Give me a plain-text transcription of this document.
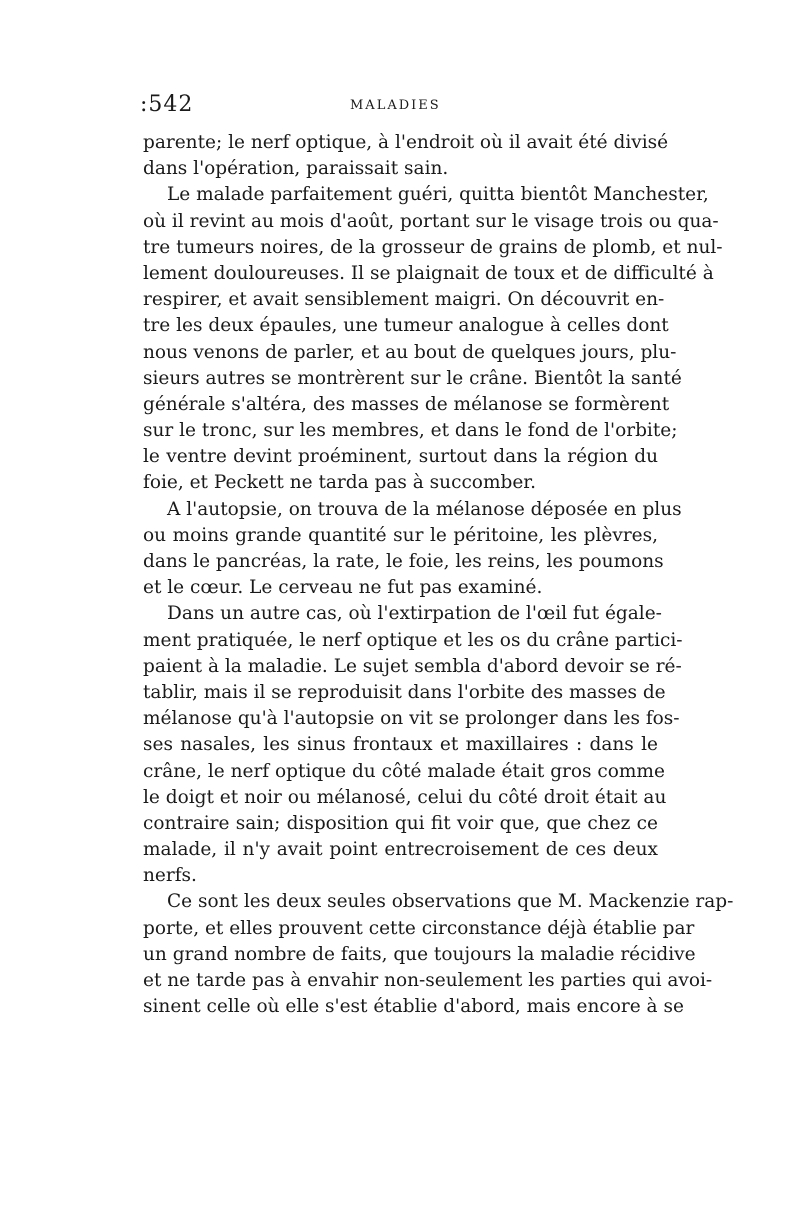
:542	MALADIES

parente; le nerf optique, à l'endroit où il avait été divisé
dans l'opération, paraissait sain.

Le malade parfaitement guéri, quitta bientôt Manchester,
où il revint au mois d'août, portant sur le visage trois ou qua-
tre tumeurs noires, de la grosseur de grains de plomb, et nul-
lement douloureuses. Il se plaignait de toux et de difficulté à
respirer, et avait sensiblement maigri. On découvrit en-
tre les deux épaules, une tumeur analogue à celles dont
nous venons de parler, et au bout de quelques jours, plu-
sieurs autres se montrèrent sur le crâne. Bientôt la santé
générale s'altéra, des masses de mélanose se formèrent
sur le tronc, sur les membres, et dans le fond de l'orbite;
le ventre devint proéminent, surtout dans la région du
foie, et Peckett ne tarda pas à succomber.

A l'autopsie, on trouva de la mélanose déposée en plus
ou moins grande quantité sur le péritoine, les plèvres,
dans le pancréas, la rate, le foie, les reins, les poumons
et le cœur. Le cerveau ne fut pas examiné.

Dans un autre cas, où l'extirpation de l'œil fut égale-
ment pratiquée, le nerf optique et les os du crâne partici-
paient à la maladie. Le sujet sembla d'abord devoir se ré-
tablir, mais il se reproduisit dans l'orbite des masses de
mélanose qu'à l'autopsie on vit se prolonger dans les fos-
ses nasales, les sinus frontaux et maxillaires : dans le
crâne, le nerf optique du côté malade était gros comme
le doigt et noir ou mélanosé, celui du côté droit était au
contraire sain; disposition qui fit voir que, que chez ce
malade, il n'y avait point entrecroisement de ces deux
nerfs.

Ce sont les deux seules observations que M. Mackenzie rap-
porte, et elles prouvent cette circonstance déjà établie par
un grand nombre de faits, que toujours la maladie récidive
et ne tarde pas à envahir non-seulement les parties qui avoi-
sinent celle où elle s'est établie d'abord, mais encore à se
